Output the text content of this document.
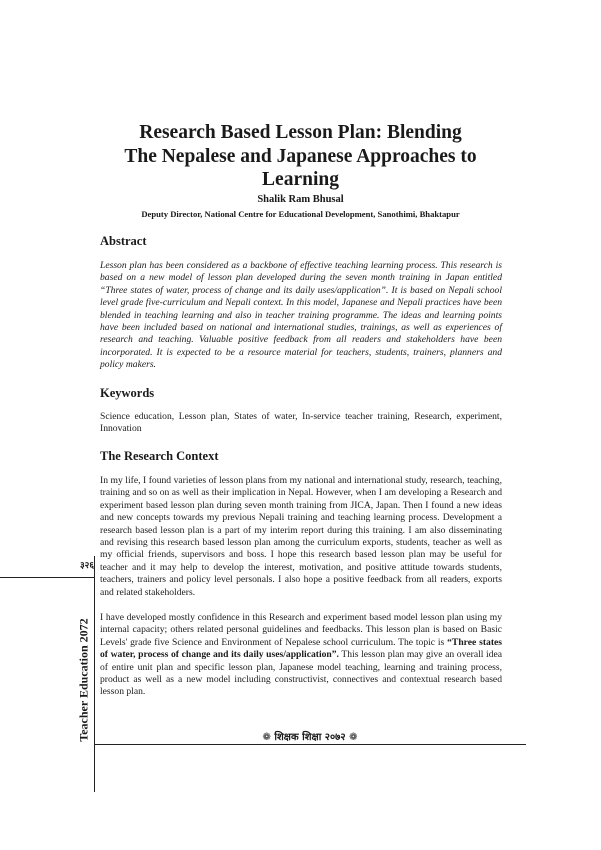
Research Based Lesson Plan: Blending
The Nepalese and Japanese Approaches to
Learning

Shalik Ram Bhusal

Deputy Director, National Centre for Educational Development, Sanothimi, Bhaktapur

Abstract

Lesson plan has been considered as a backbone of effective teaching learning process. This research is based on a new model of lesson plan developed during the seven month training in Japan entitled “Three states of water, process of change and its daily uses/application”. It is based on Nepali school level grade five-curriculum and Nepali context. In this model, Japanese and Nepali practices have been blended in teaching learning and also in teacher training programme. The ideas and learning points have been included based on national and international studies, trainings, as well as experiences of research and teaching. Valuable positive feedback from all readers and stakeholders have been incorporated. It is expected to be a resource material for teachers, students, trainers, planners and policy makers.

Keywords

Science education, Lesson plan, States of water, In-service teacher training, Research, experiment, Innovation

The Research Context

In my life, I found varieties of lesson plans from my national and international study, research, teaching, training and so on as well as their implication in Nepal. However, when I am developing a Research and experiment based lesson plan during seven month training from JICA, Japan. Then I found a new ideas and new concepts towards my previous Nepali training and teaching learning process. Development a research based lesson plan is a part of my interim report during this training. I am also disseminating and revising this research based lesson plan among the curriculum exports, students, teacher as well as my official friends, supervisors and boss. I hope this research based lesson plan may be useful for teacher and it may help to develop the interest, motivation, and positive attitude towards students, teachers, trainers and policy level personals. I also hope a positive feedback from all readers, exports and related stakeholders.

I have developed mostly confidence in this Research and experiment based model lesson plan using my internal capacity; others related personal guidelines and feedbacks. This lesson plan is based on Basic Levels' grade five Science and Environment of Nepalese school curriculum. The topic is “Three states of water, process of change and its daily uses/application”. This lesson plan may give an overall idea of entire unit plan and specific lesson plan, Japanese model teaching, learning and training process, product as well as a new model including constructivist, connectives and contextual research based lesson plan.

३२६

Teacher Education 2072	❁ शिक्षक शिक्षा २०७२ ❁
